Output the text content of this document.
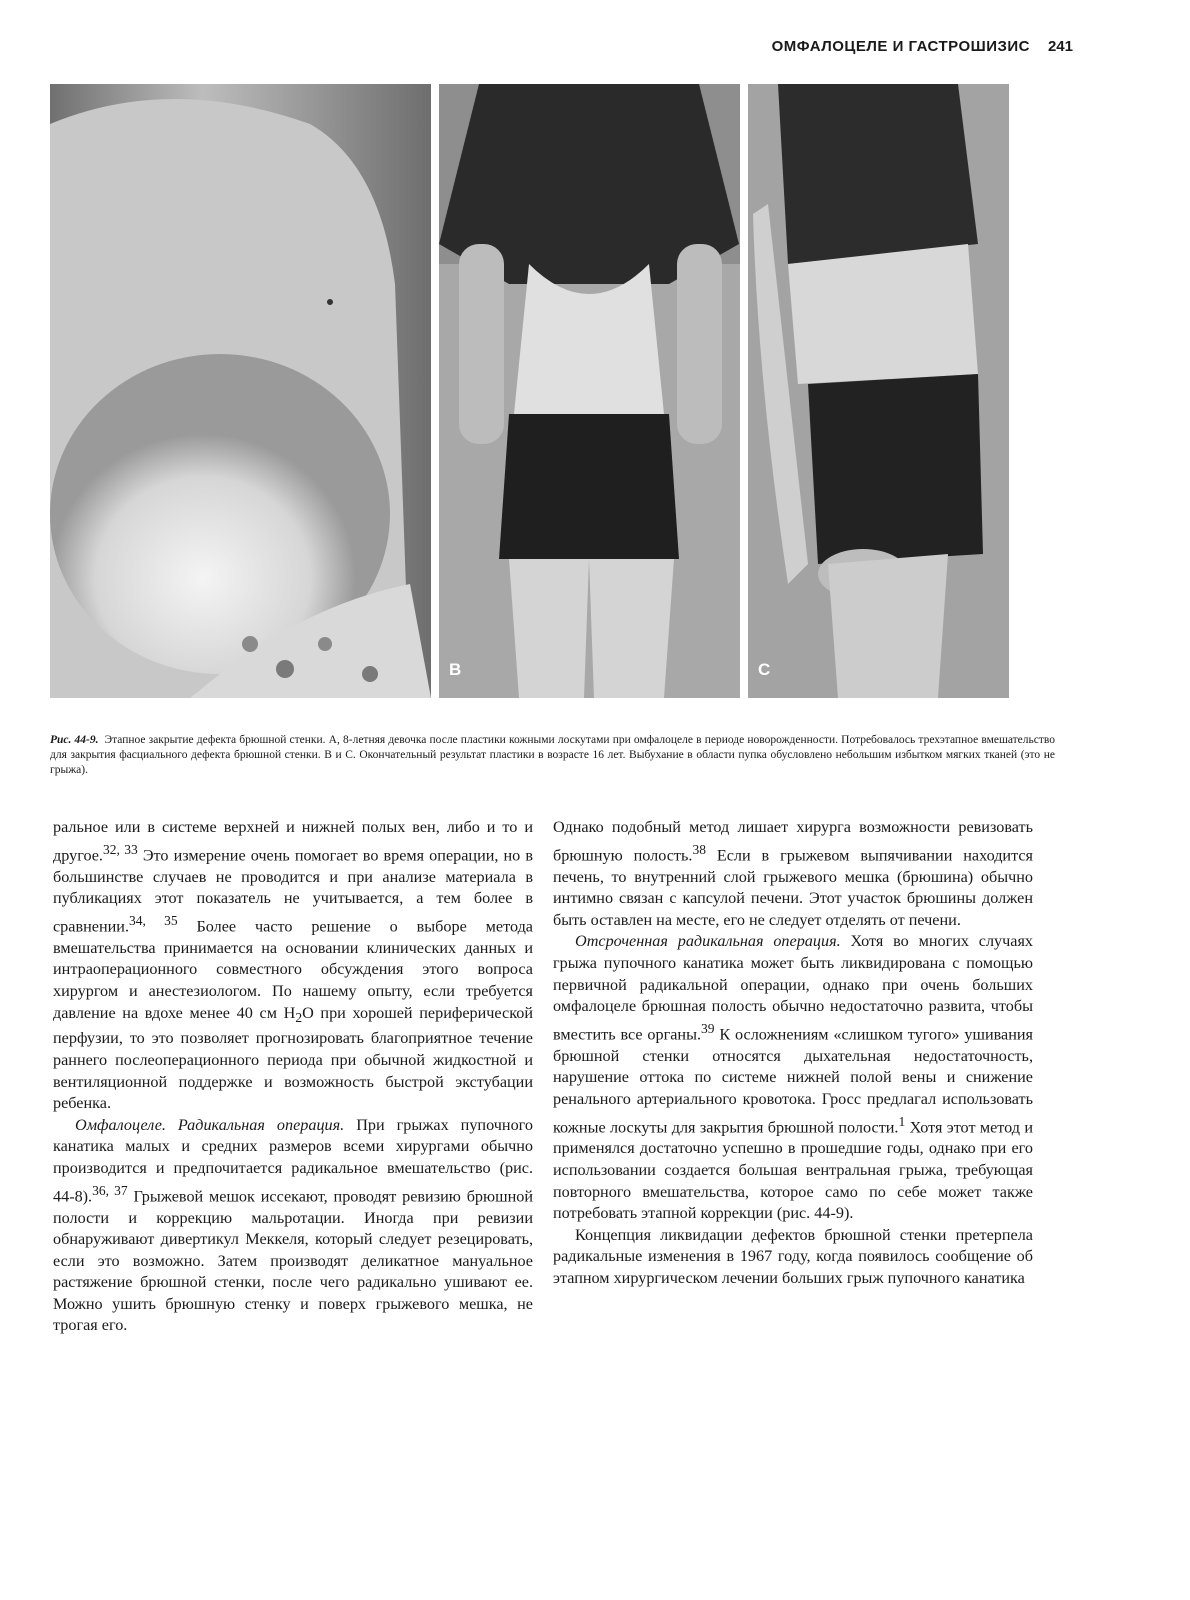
ОМФАЛОЦЕЛЕ И ГАСТРОШИЗИС 241
B	C
Рис. 44-9. Этапное закрытие дефекта брюшной стенки. А, 8-летняя девочка после пластики кожными лоскутами при омфалоцеле в периоде новорожденности. Потребовалось трехэтапное вмешательство для закрытия фасциального дефекта брюшной стенки. В и С. Окончательный результат пластики в возрасте 16 лет. Выбухание в области пупка обусловлено небольшим избытком мягких тканей (это не грыжа).

ральное или в системе верхней и нижней полых вен, либо и то и другое.$^{32, 33}$ Это измерение очень помогает во время операции, но в большинстве случаев не проводится и при анализе материала в публикациях этот показатель не учитывается, а тем более в сравнении.$^{34, 35}$ Более часто решение о выборе метода вмешательства принимается на основании клинических данных и интраоперационного совместного обсуждения этого вопроса хирургом и анестезиологом. По нашему опыту, если требуется давление на вдохе менее 40 см $H_2O$ при хорошей периферической перфузии, то это позволяет прогнозировать благоприятное течение раннего послеоперационного периода при обычной жидкостной и вентиляционной поддержке и возможность быстрой экстубации ребенка.

Омфалоцеле. Радикальная операция. При грыжах пупочного канатика малых и средних размеров всеми хирургами обычно производится и предпочитается радикальное вмешательство (рис. 44-8).$^{36, 37}$ Грыжевой мешок иссекают, проводят ревизию брюшной полости и коррекцию мальротации. Иногда при ревизии обнаруживают дивертикул Меккеля, который следует резецировать, если это возможно. Затем производят деликатное мануальное растяжение брюшной стенки, после чего радикально ушивают ее. Можно ушить брюшную стенку и поверх грыжевого мешка, не трогая его.

Однако подобный метод лишает хирурга возможности ревизовать брюшную полость.$^{38}$ Если в грыжевом выпячивании находится печень, то внутренний слой грыжевого мешка (брюшина) обычно интимно связан с капсулой печени. Этот участок брюшины должен быть оставлен на месте, его не следует отделять от печени.

Отсроченная радикальная операция. Хотя во многих случаях грыжа пупочного канатика может быть ликвидирована с помощью первичной радикальной операции, однако при очень больших омфалоцеле брюшная полость обычно недостаточно развита, чтобы вместить все органы.$^{39}$ К осложнениям «слишком тугого» ушивания брюшной стенки относятся дыхательная недостаточность, нарушение оттока по системе нижней полой вены и снижение ренального артериального кровотока. Гросс предлагал использовать кожные лоскуты для закрытия брюшной полости.$^1$ Хотя этот метод и применялся достаточно успешно в прошедшие годы, однако при его использовании создается большая вентральная грыжа, требующая повторного вмешательства, которое само по себе может также потребовать этапной коррекции (рис. 44-9).

Концепция ликвидации дефектов брюшной стенки претерпела радикальные изменения в 1967 году, когда появилось сообщение об этапном хирургическом лечении больших грыж пупочного канатика
